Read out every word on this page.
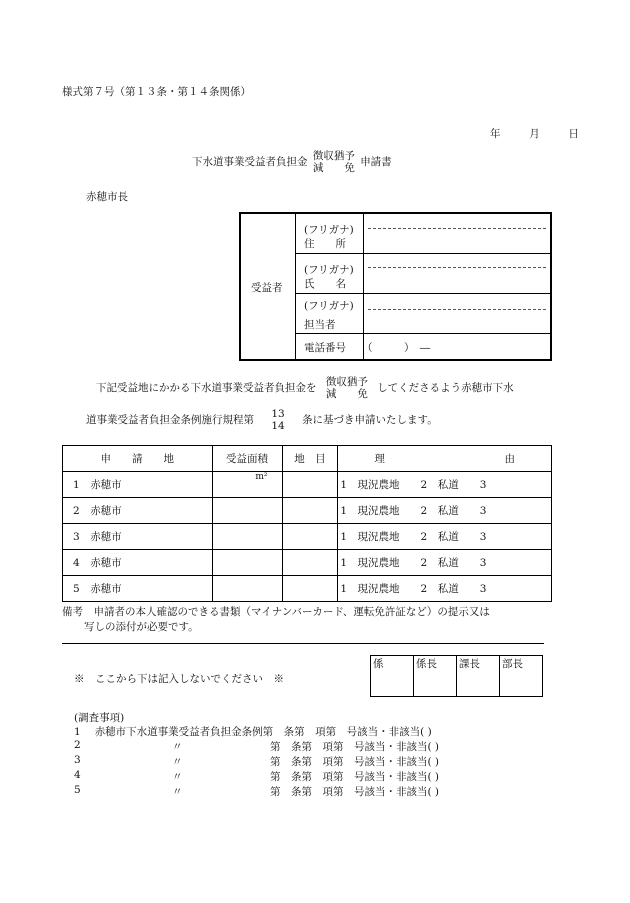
様式第７号（第１３条・第１４条関係）
年	月	日
下水道事業受益者負担金 徴収猶予
減　　免 申請書
赤穂市長
受益者
(フリガナ)
住　　所
(フリガナ)
氏　　名
(フリガナ)
担当者
電話番号 （　　　）　―
下記受益地にかかる下水道事業受益者負担金を 徴収猶予
減　　免 してくださるよう赤穂市下水
道事業受益者負担金条例施行規程第 13
14 条に基づき申請いたします。
申　　請　　地	受益面積	地　目	理	由
1　 赤穂市	m²		1　現況農地　　2　私道　　3	
2　 赤穂市			1　現況農地　　2　私道　　3	
3　 赤穂市			1　現況農地　　2　私道　　3	
4　 赤穂市			1　現況農地　　2　私道　　3	
5　 赤穂市			1　現況農地　　2　私道　　3	
備考　申請者の本人確認のできる書類（マイナンバーカード、運転免許証など）の提示又は
写しの添付が必要です。
※　ここから下は記入しないでください　※
係	係長	課長	部長
(調査事項)
1 赤穂市下水道事業受益者負担金条例第　条第　項第　号該当・非該当( )
2	〃	第　条第　項第　号該当・非該当( )
3	〃	第　条第　項第　号該当・非該当( )
4	〃	第　条第　項第　号該当・非該当( )
5	〃	第　条第　項第　号該当・非該当( )
